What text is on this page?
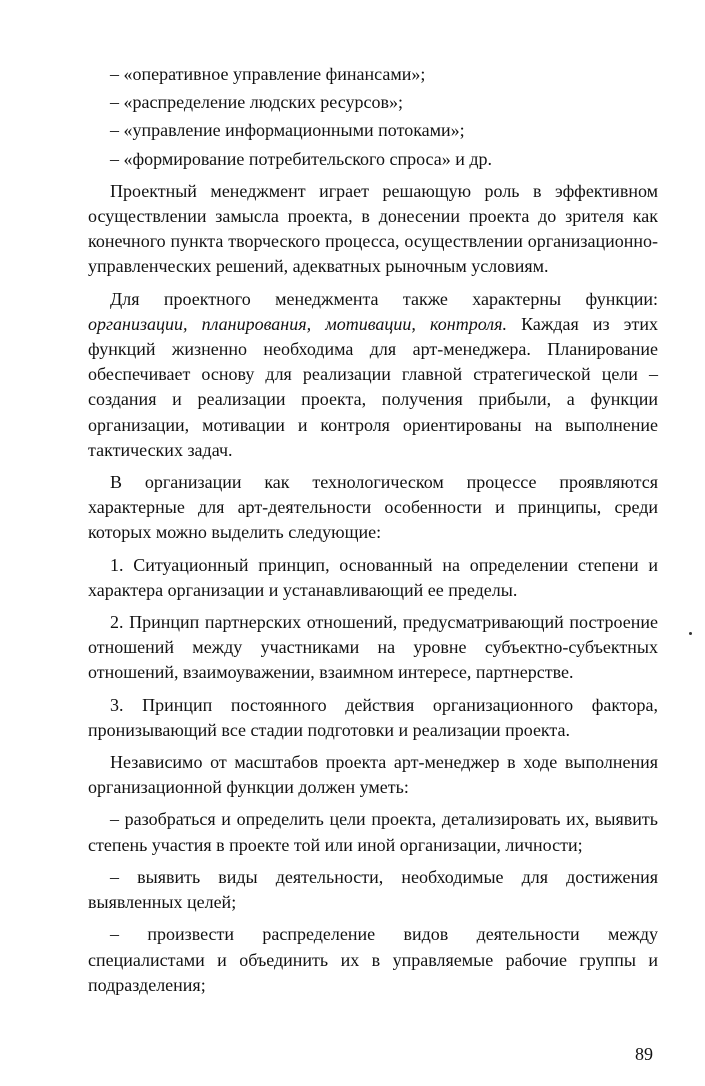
– «оперативное управление финансами»;

– «распределение людских ресурсов»;

– «управление информационными потоками»;

– «формирование потребительского спроса» и др.

Проектный менеджмент играет решающую роль в эффективном осуществлении замысла проекта, в донесении проекта до зрителя как конечного пункта творческого процесса, осуществлении организационно-управленческих решений, адекватных рыночным условиям.

Для проектного менеджмента также характерны функции: организации, планирования, мотивации, контроля. Каждая из этих функций жизненно необходима для арт-менеджера. Планирование обеспечивает основу для реализации главной стратегической цели – создания и реализации проекта, получения прибыли, а функции организации, мотивации и контроля ориентированы на выполнение тактических задач.

В организации как технологическом процессе проявляются характерные для арт-деятельности особенности и принципы, среди которых можно выделить следующие:

1. Ситуационный принцип, основанный на определении степени и характера организации и устанавливающий ее пределы.

2. Принцип партнерских отношений, предусматривающий построение отношений между участниками на уровне субъектно-субъектных отношений, взаимоуважении, взаимном интересе, партнерстве.

3. Принцип постоянного действия организационного фактора, пронизывающий все стадии подготовки и реализации проекта.

Независимо от масштабов проекта арт-менеджер в ходе выполнения организационной функции должен уметь:

– разобраться и определить цели проекта, детализировать их, выявить степень участия в проекте той или иной организации, личности;

– выявить виды деятельности, необходимые для достижения выявленных целей;

– произвести распределение видов деятельности между специалистами и объединить их в управляемые рабочие группы и подразделения;

89
